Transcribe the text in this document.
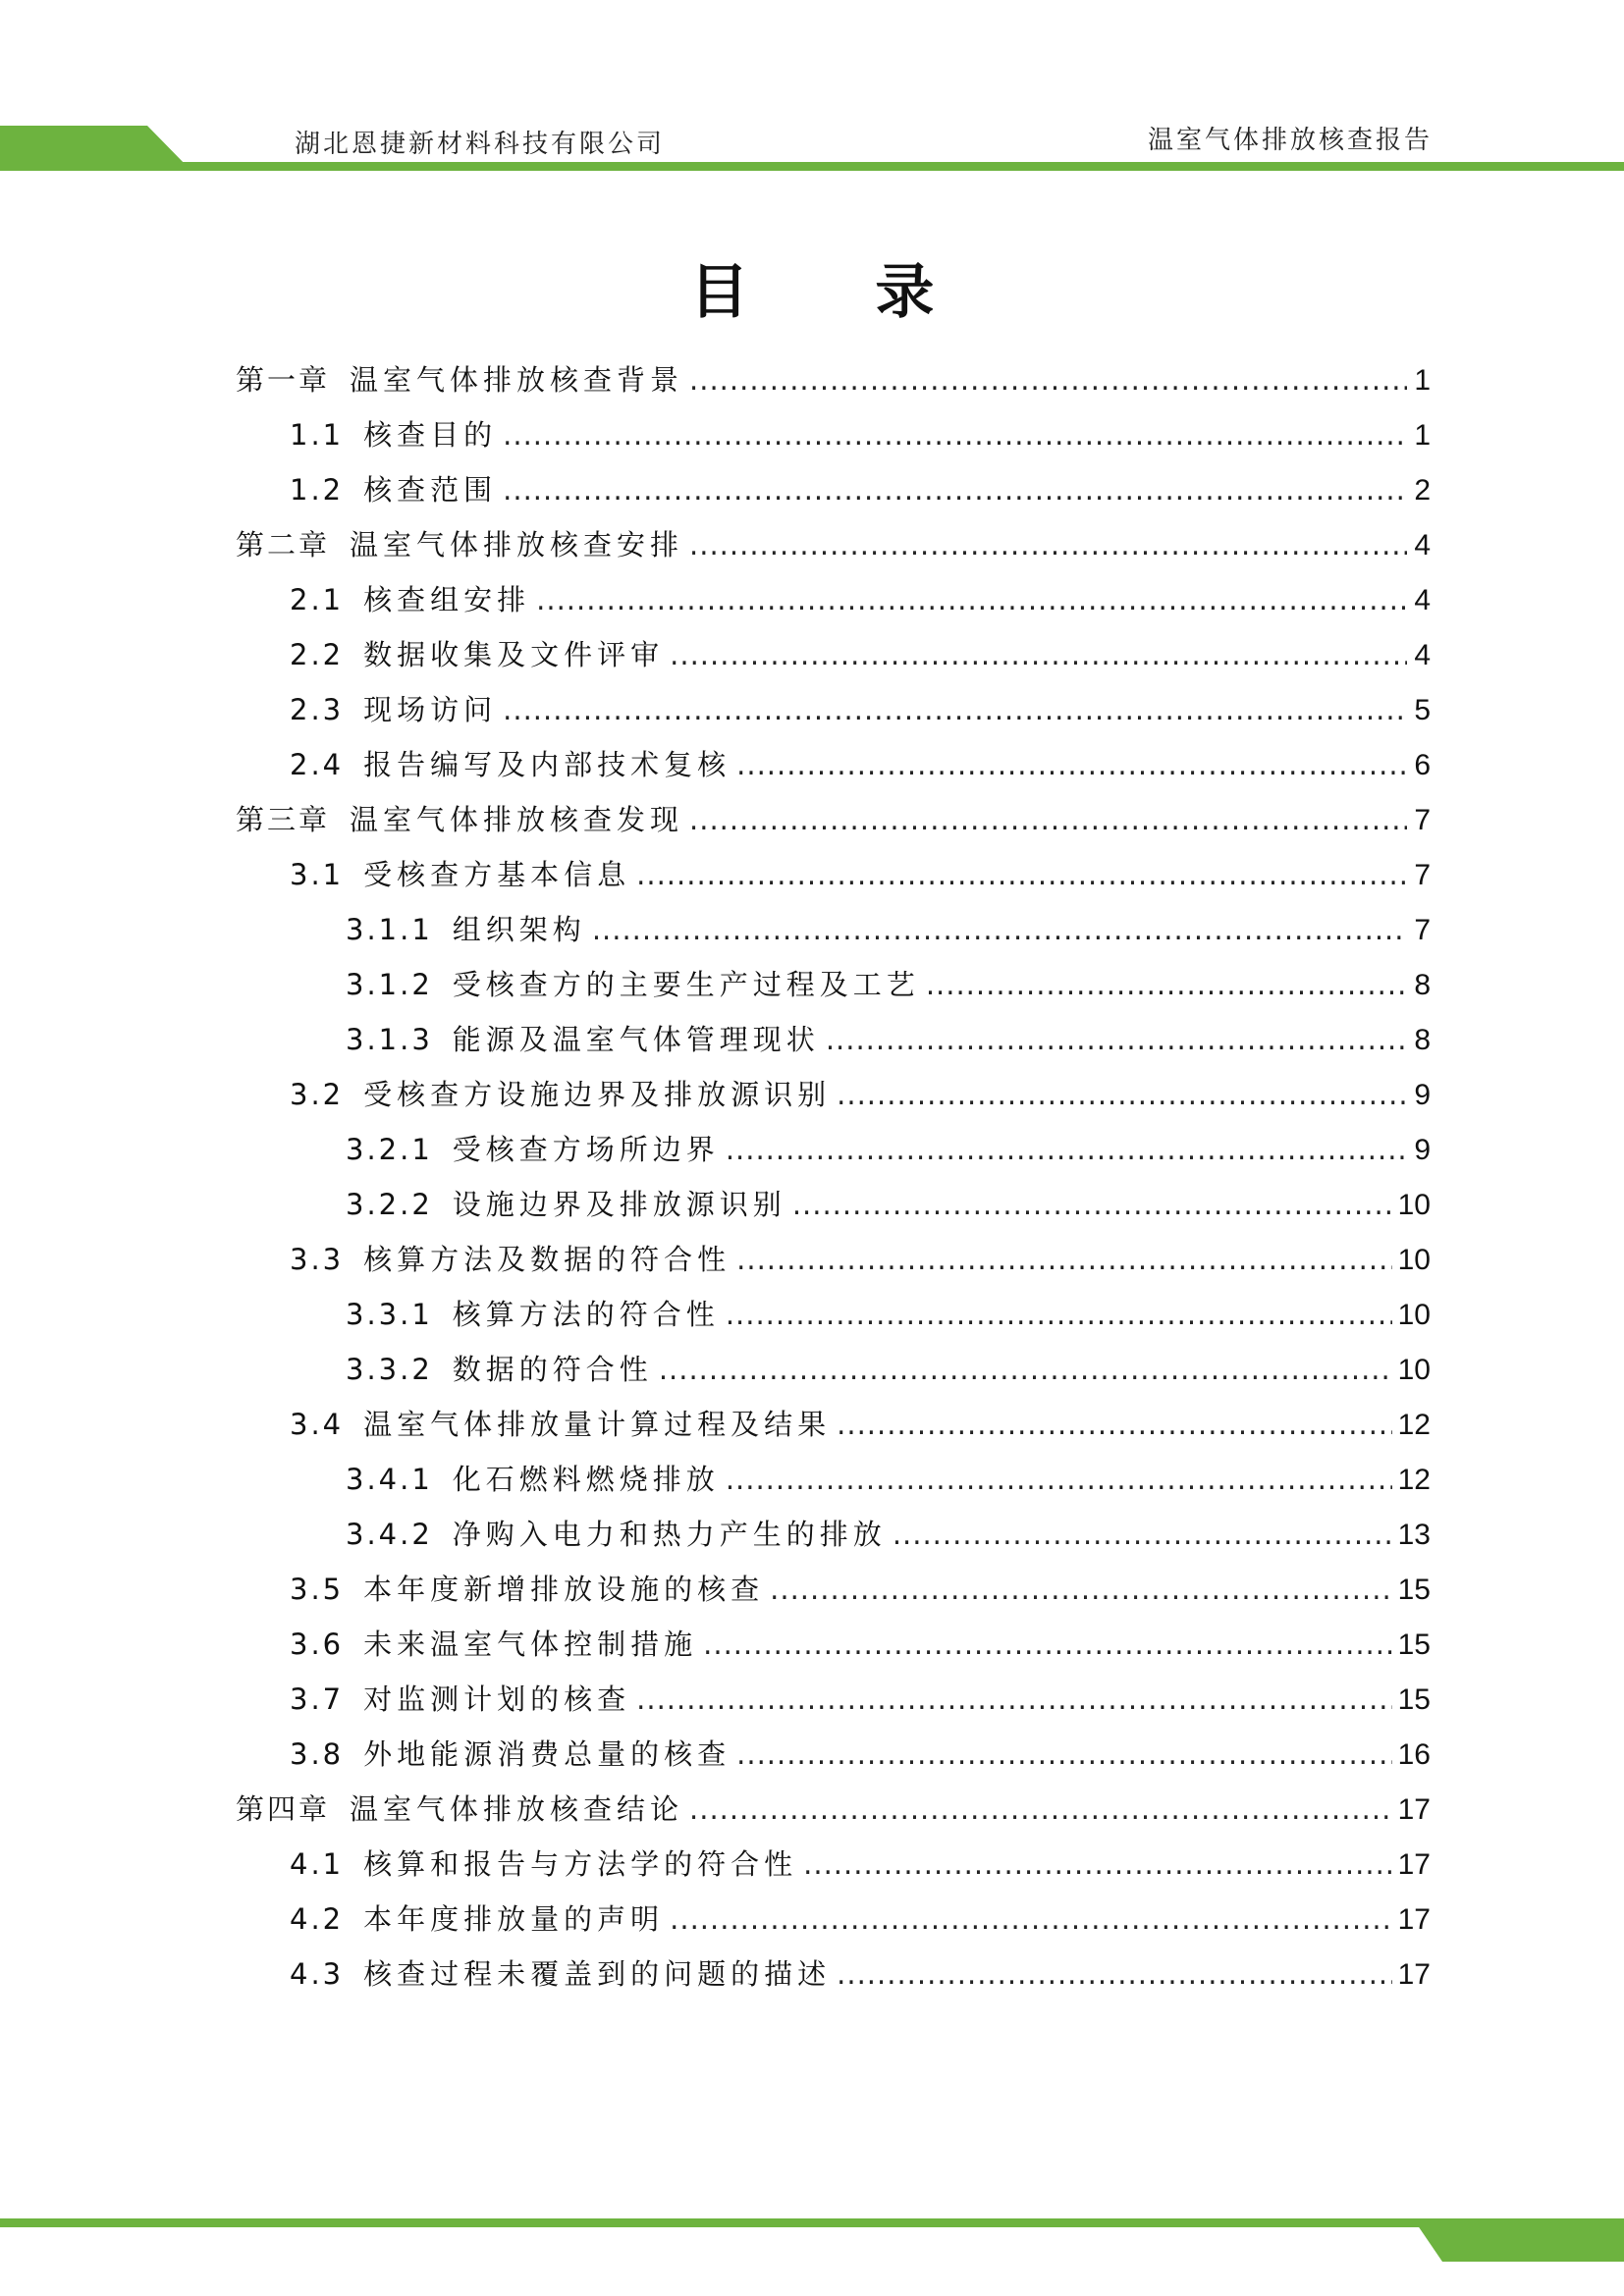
湖北恩捷新材料科技有限公司	温室气体排放核查报告
目 录
第一章 温室气体排放核查背景 .....	1
1.1 核查目的 .....	1
1.2 核查范围 .....	2
第二章 温室气体排放核查安排 .....	4
2.1 核查组安排 .....	4
2.2 数据收集及文件评审 .....	4
2.3 现场访问 .....	5
2.4 报告编写及内部技术复核 .....	6
第三章 温室气体排放核查发现 .....	7
3.1 受核查方基本信息 .....	7
3.1.1 组织架构 .....	7
3.1.2 受核查方的主要生产过程及工艺 .....	8
3.1.3 能源及温室气体管理现状 .....	8
3.2 受核查方设施边界及排放源识别 .....	9
3.2.1 受核查方场所边界 .....	9
3.2.2 设施边界及排放源识别 .....	10
3.3 核算方法及数据的符合性 .....	10
3.3.1 核算方法的符合性 .....	10
3.3.2 数据的符合性 .....	10
3.4 温室气体排放量计算过程及结果 .....	12
3.4.1 化石燃料燃烧排放 .....	12
3.4.2 净购入电力和热力产生的排放 .....	13
3.5 本年度新增排放设施的核查 .....	15
3.6 未来温室气体控制措施 .....	15
3.7 对监测计划的核查 .....	15
3.8 外地能源消费总量的核查 .....	16
第四章 温室气体排放核查结论 .....	17
4.1 核算和报告与方法学的符合性 .....	17
4.2 本年度排放量的声明 .....	17
4.3 核查过程未覆盖到的问题的描述 .....	17
